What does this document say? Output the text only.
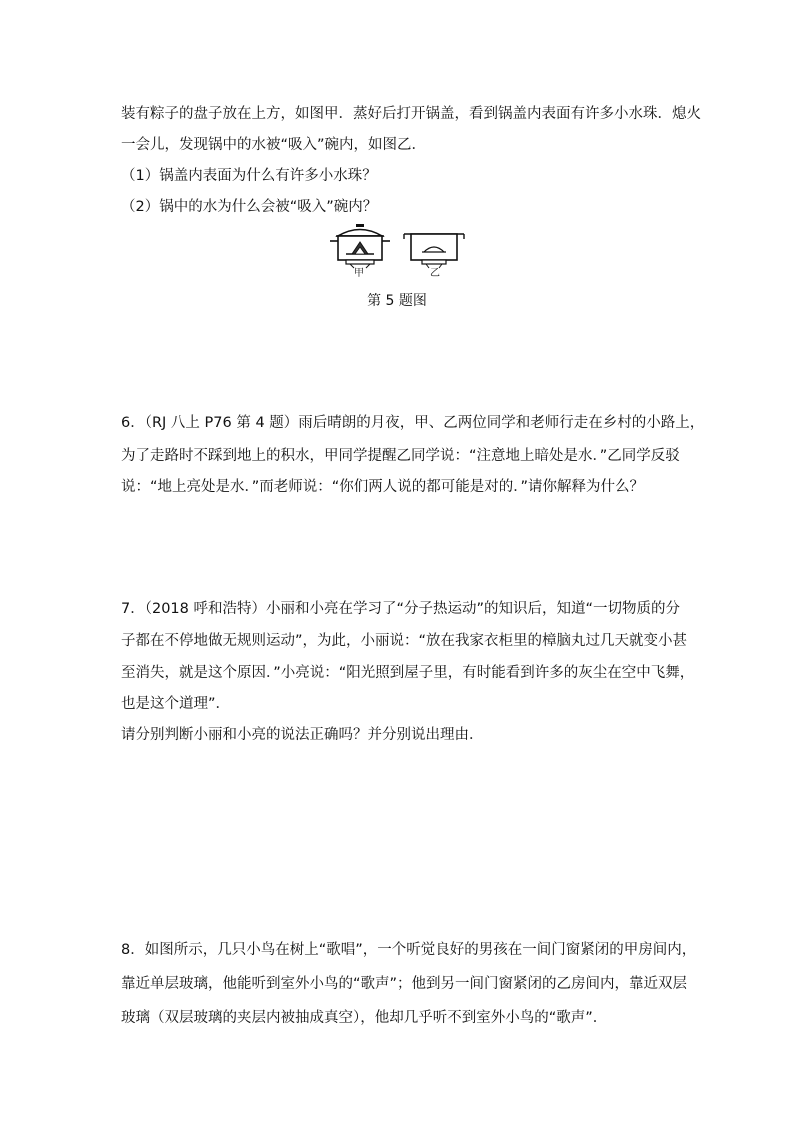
装有粽子的盘子放在上方，如图甲．蒸好后打开锅盖，看到锅盖内表面有许多小水珠．熄火
一会儿，发现锅中的水被“吸入”碗内，如图乙．
（1）锅盖内表面为什么有许多小水珠？
（2）锅中的水为什么会被“吸入”碗内？
甲	乙
第 5 题图
6．（RJ 八上 P76 第 4 题）雨后晴朗的月夜，甲、乙两位同学和老师行走在乡村的小路上，
为了走路时不踩到地上的积水，甲同学提醒乙同学说：“注意地上暗处是水．”乙同学反驳
说：“地上亮处是水．”而老师说：“你们两人说的都可能是对的．”请你解释为什么？
7．（2018 呼和浩特）小丽和小亮在学习了“分子热运动”的知识后，知道“一切物质的分
子都在不停地做无规则运动”，为此，小丽说：“放在我家衣柜里的樟脑丸过几天就变小甚
至消失，就是这个原因．”小亮说：“阳光照到屋子里，有时能看到许多的灰尘在空中飞舞，
也是这个道理”．
请分别判断小丽和小亮的说法正确吗？并分别说出理由．
8．如图所示，几只小鸟在树上“歌唱”，一个听觉良好的男孩在一间门窗紧闭的甲房间内，
靠近单层玻璃，他能听到室外小鸟的“歌声”；他到另一间门窗紧闭的乙房间内，靠近双层
玻璃（双层玻璃的夹层内被抽成真空），他却几乎听不到室外小鸟的“歌声”．
